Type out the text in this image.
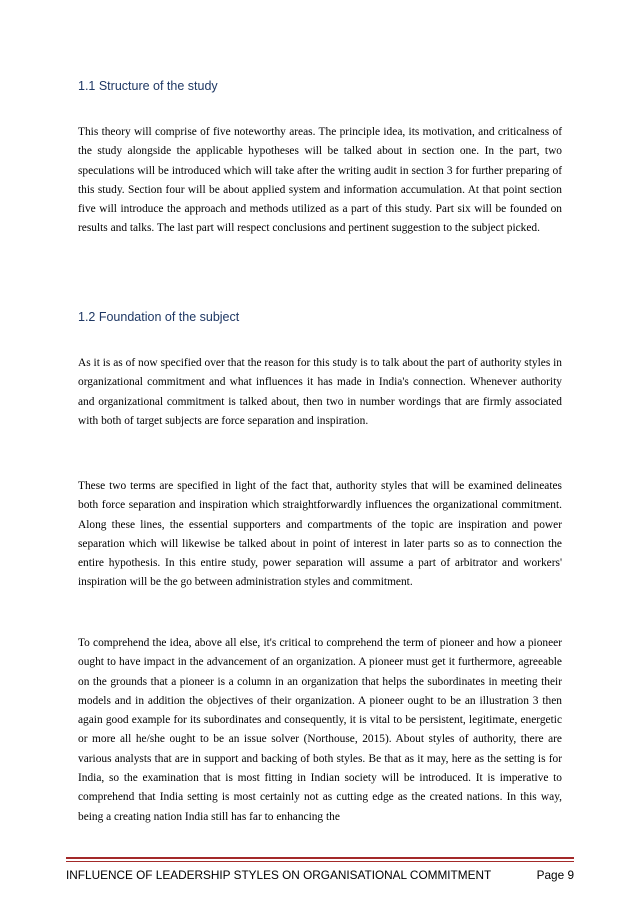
1.1 Structure of the study

This theory will comprise of five noteworthy areas. The principle idea, its motivation, and criticalness of the study alongside the applicable hypotheses will be talked about in section one. In the part, two speculations will be introduced which will take after the writing audit in section 3 for further preparing of this study. Section four will be about applied system and information accumulation. At that point section five will introduce the approach and methods utilized as a part of this study. Part six will be founded on results and talks. The last part will respect conclusions and pertinent suggestion to the subject picked.

1.2 Foundation of the subject

As it is as of now specified over that the reason for this study is to talk about the part of authority styles in organizational commitment and what influences it has made in India's connection. Whenever authority and organizational commitment is talked about, then two in number wordings that are firmly associated with both of target subjects are force separation and inspiration.

These two terms are specified in light of the fact that, authority styles that will be examined delineates both force separation and inspiration which straightforwardly influences the organizational commitment. Along these lines, the essential supporters and compartments of the topic are inspiration and power separation which will likewise be talked about in point of interest in later parts so as to connection the entire hypothesis. In this entire study, power separation will assume a part of arbitrator and workers' inspiration will be the go between administration styles and commitment.

To comprehend the idea, above all else, it's critical to comprehend the term of pioneer and how a pioneer ought to have impact in the advancement of an organization. A pioneer must get it furthermore, agreeable on the grounds that a pioneer is a column in an organization that helps the subordinates in meeting their models and in addition the objectives of their organization. A pioneer ought to be an illustration 3 then again good example for its subordinates and consequently, it is vital to be persistent, legitimate, energetic or more all he/she ought to be an issue solver (Northouse, 2015). About styles of authority, there are various analysts that are in support and backing of both styles. Be that as it may, here as the setting is for India, so the examination that is most fitting in Indian society will be introduced. It is imperative to comprehend that India setting is most certainly not as cutting edge as the created nations. In this way, being a creating nation India still has far to enhancing the

INFLUENCE OF LEADERSHIP STYLES ON ORGANISATIONAL COMMITMENT	Page 9
